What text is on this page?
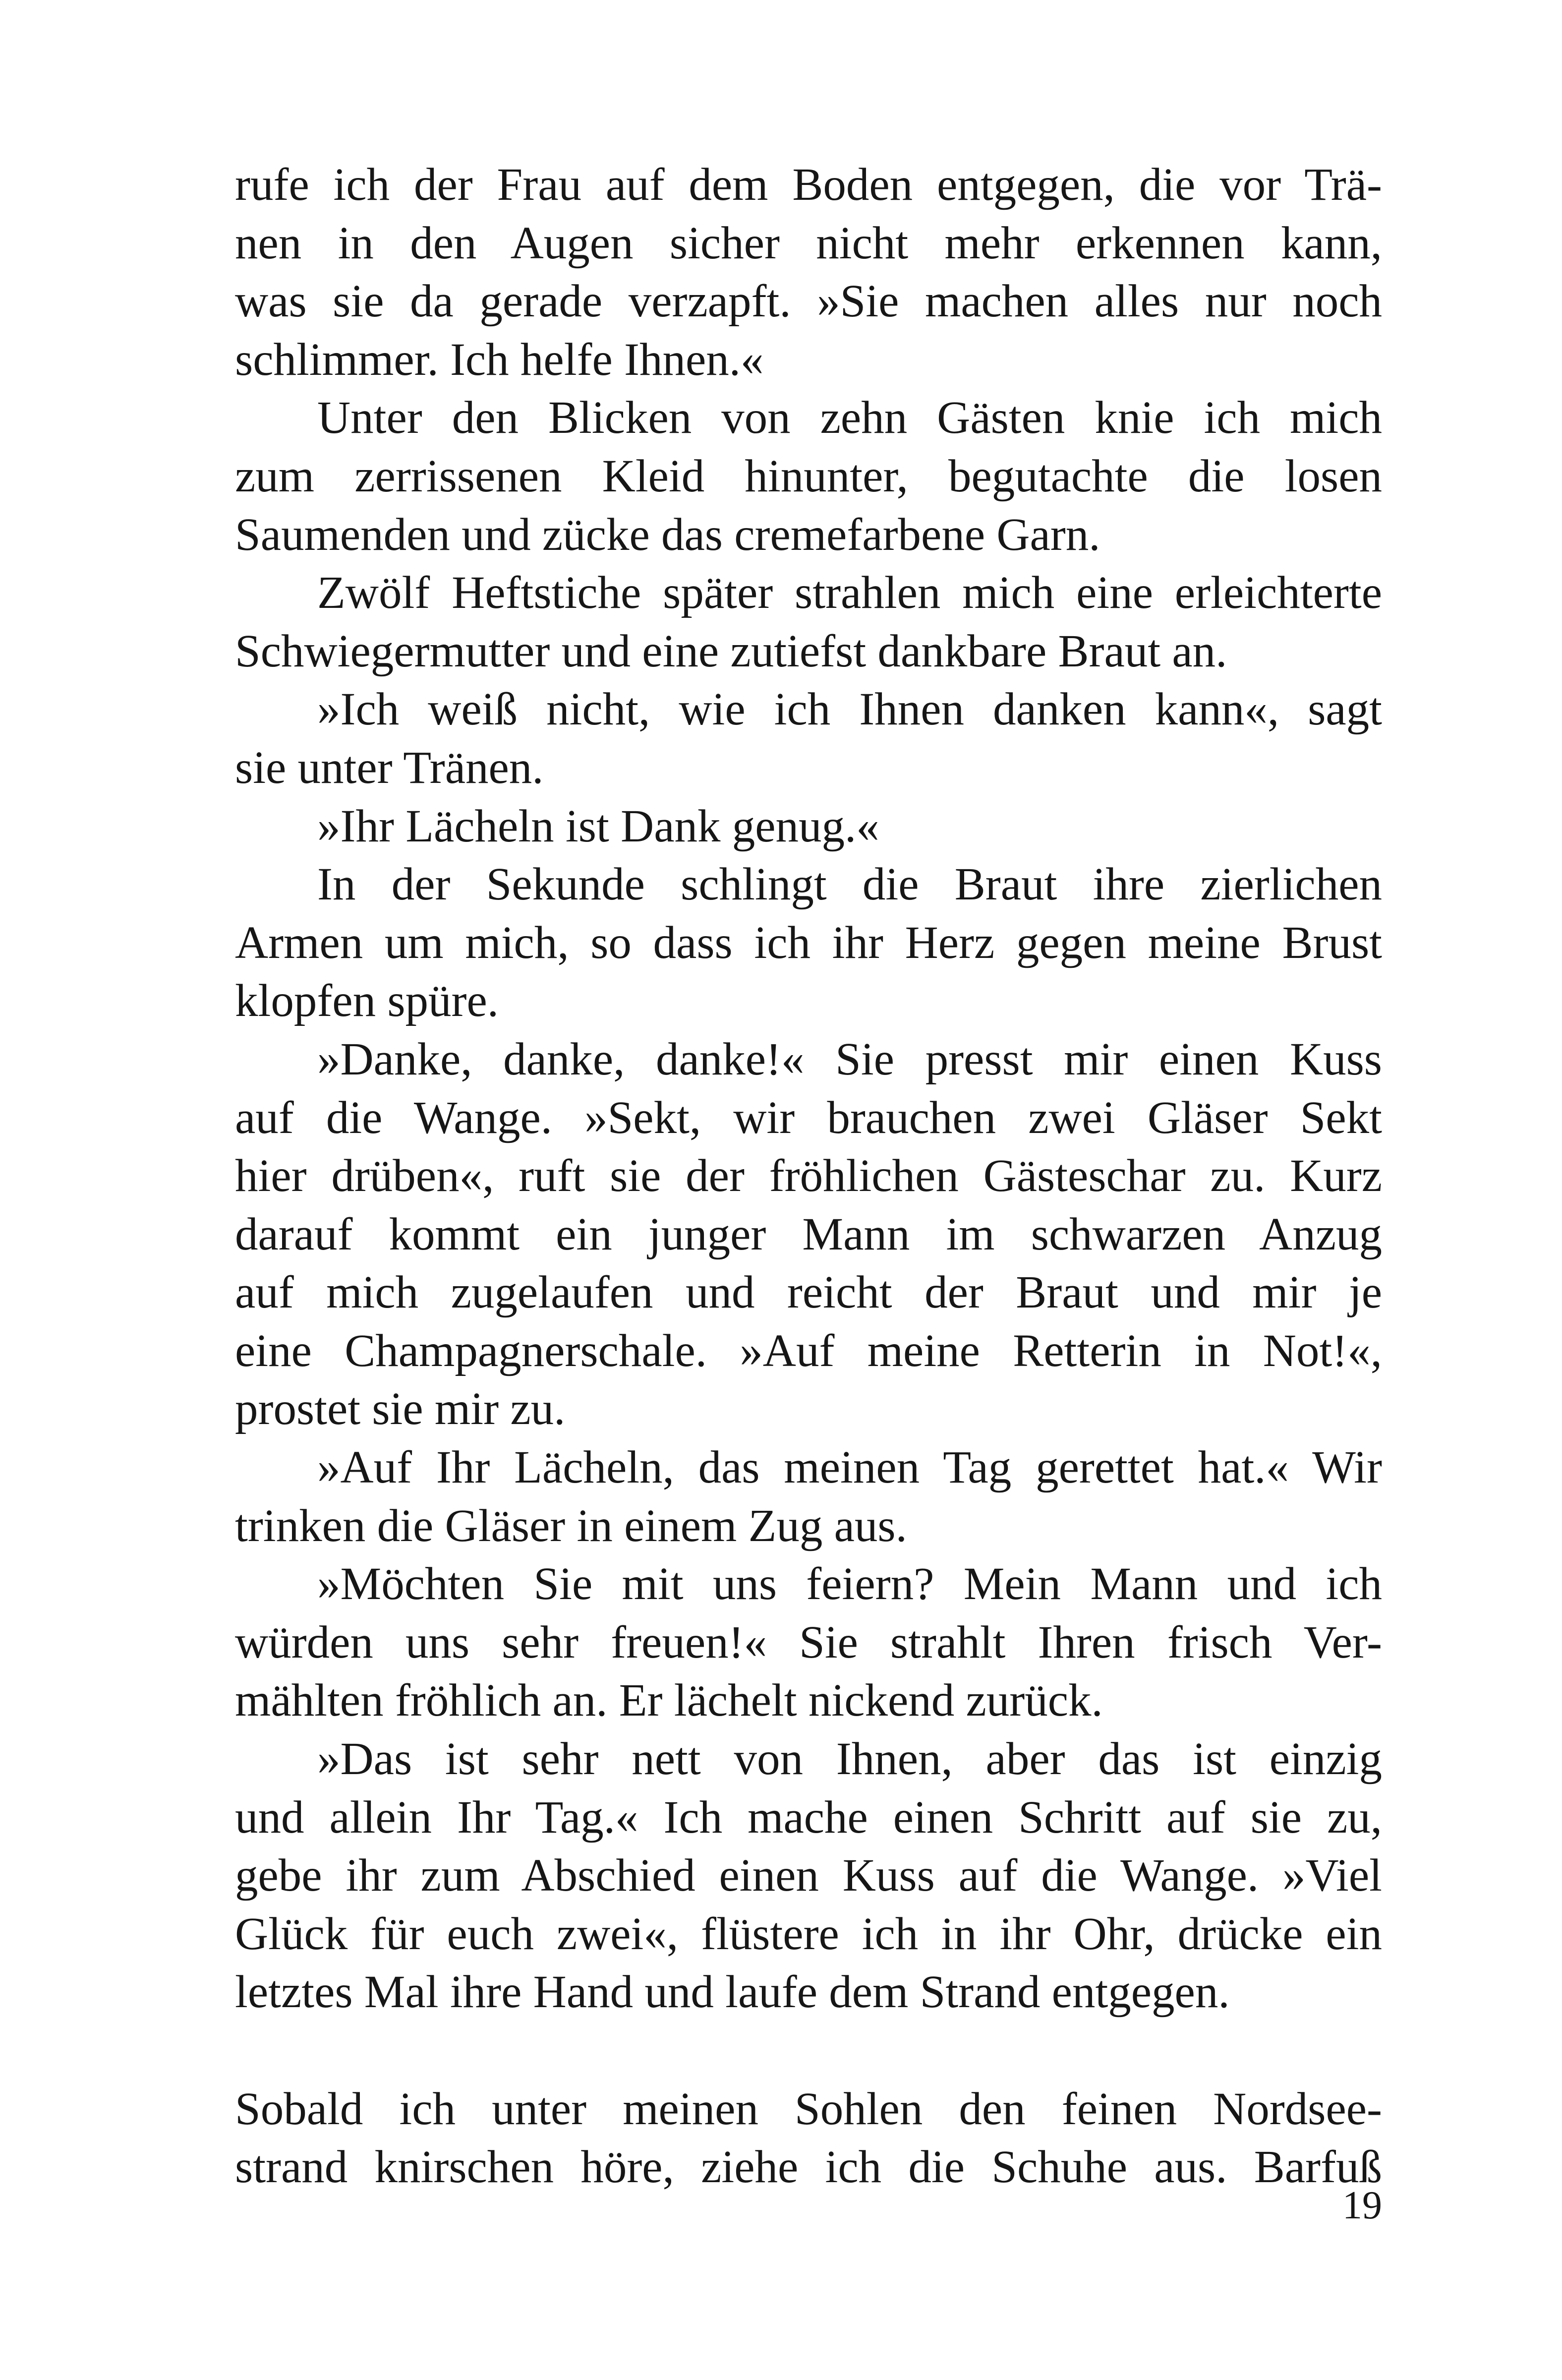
rufe ich der Frau auf dem Boden entgegen, die vor Trä-
nen in den Augen sicher nicht mehr erkennen kann,
was sie da gerade verzapft. »Sie machen alles nur noch
schlimmer. Ich helfe Ihnen.«
Unter den Blicken von zehn Gästen knie ich mich
zum zerrissenen Kleid hinunter, begutachte die losen
Saumenden und zücke das cremefarbene Garn.
Zwölf Heftstiche später strahlen mich eine erleichterte
Schwiegermutter und eine zutiefst dankbare Braut an.
»Ich weiß nicht, wie ich Ihnen danken kann«, sagt
sie unter Tränen.
»Ihr Lächeln ist Dank genug.«
In der Sekunde schlingt die Braut ihre zierlichen
Armen um mich, so dass ich ihr Herz gegen meine Brust
klopfen spüre.
»Danke, danke, danke!« Sie presst mir einen Kuss
auf die Wange. »Sekt, wir brauchen zwei Gläser Sekt
hier drüben«, ruft sie der fröhlichen Gästeschar zu. Kurz
darauf kommt ein junger Mann im schwarzen Anzug
auf mich zugelaufen und reicht der Braut und mir je
eine Champagnerschale. »Auf meine Retterin in Not!«,
prostet sie mir zu.
»Auf Ihr Lächeln, das meinen Tag gerettet hat.« Wir
trinken die Gläser in einem Zug aus.
»Möchten Sie mit uns feiern? Mein Mann und ich
würden uns sehr freuen!« Sie strahlt Ihren frisch Ver-
mählten fröhlich an. Er lächelt nickend zurück.
»Das ist sehr nett von Ihnen, aber das ist einzig
und allein Ihr Tag.« Ich mache einen Schritt auf sie zu,
gebe ihr zum Abschied einen Kuss auf die Wange. »Viel
Glück für euch zwei«, flüstere ich in ihr Ohr, drücke ein
letztes Mal ihre Hand und laufe dem Strand entgegen.
Sobald ich unter meinen Sohlen den feinen Nordsee-
strand knirschen höre, ziehe ich die Schuhe aus. Barfuß
19
